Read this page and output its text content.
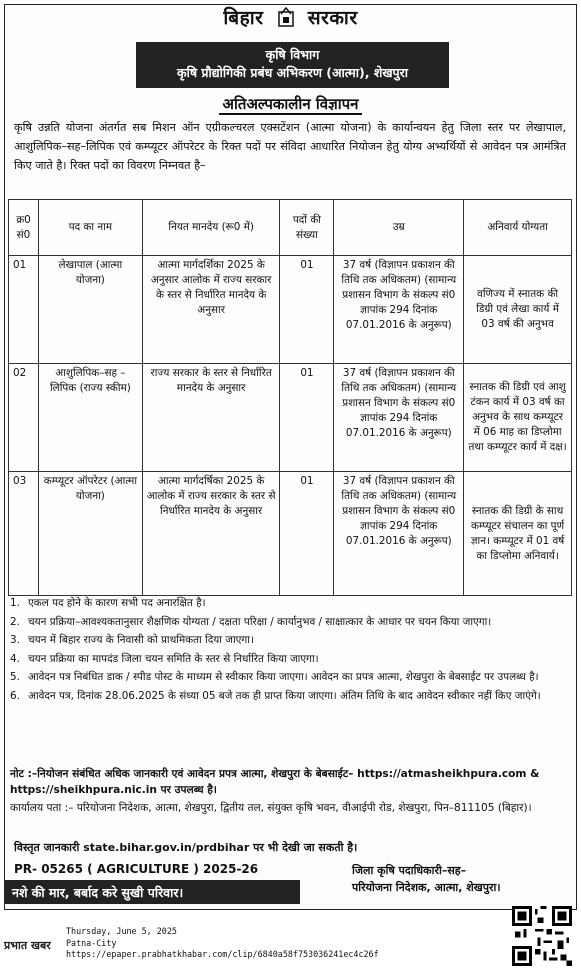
बिहार सरकार
कृषि विभाग
कृषि प्रौद्योगिकी प्रबंध अभिकरण (आत्मा), शेखपुरा
अतिअल्पकालीन विज्ञापन
कृषि उन्नति योजना अंतर्गत सब मिशन ऑन एग्रीकल्चरल एक्सटेंशन (आत्मा योजना) के कार्यान्वयन हेतु जिला स्तर पर लेखापाल, आशुलिपिक–सह–लिपिक एवं कम्प्यूटर ऑपरेटर के रिक्त पदों पर संविदा आधारित नियोजन हेतु योग्य अभ्यर्थियों से आवेदन पत्र आमंत्रित किए जाते है। रिक्त पदों का विवरण निम्नवत है–
क्र0 सं0	पद का नाम	नियत मानदेय (रू0 में)	पदों की संख्या	उम्र	अनिवार्य योग्यता
01	लेखापाल (आत्मा योजना)	आत्मा मार्गदर्शिका 2025 के अनुसार आलोक में राज्य सरकार के स्तर से निर्धारित मानदेय के अनुसार	01	37 वर्ष (विज्ञापन प्रकाशन की तिथि तक अधिकतम) (सामान्य प्रशासन विभाग के संकल्प सं0 ज्ञापांक 294 दिनांक 07.01.2016 के अनुरूप)	वणिज्य में स्नातक की डिग्री एवं लेखा कार्य में 03 वर्ष की अनुभव
02	आशुलिपिक–सह –लिपिक (राज्य स्कीम)	राज्य सरकार के स्तर से निर्धारित मानदेय के अनुसार	01	37 वर्ष (विज्ञापन प्रकाशन की तिथि तक अधिकतम) (सामान्य प्रशासन विभाग के संकल्प सं0 ज्ञापांक 294 दिनांक 07.01.2016 के अनुरूप)	स्नातक की डिग्री एवं आशु टंकन कार्य में 03 वर्ष का अनुभव के साथ कम्प्यूटर में 06 माह का डिप्लोमा तथा कम्प्यूटर कार्य में दक्ष।
03	कम्प्यूटर ऑपरेटर (आत्मा योजना)	आत्मा मार्गदर्षिका 2025 के आलोक में राज्य सरकार के स्तर से निर्धारित मानदेय के अनुसार	01	37 वर्ष (विज्ञापन प्रकाशन की तिथि तक अधिकतम) (सामान्य प्रशासन विभाग के संकल्प सं0 ज्ञापांक 294 दिनांक 07.01.2016 के अनुरूप)	स्नातक की डिग्री के साथ कम्प्यूटर संचालन का पूर्ण ज्ञान। कम्प्यूटर में 01 वर्ष का डिप्लोमा अनिवार्य।
1. एकल पद होने के कारण सभी पद अनारक्षित है।
2. चयन प्रक्रिया–आवश्यकतानुसार शैक्षणिक योग्यता / दक्षता परिक्षा / कार्यानुभव / साक्षात्कार के आधार पर चयन किया जाएगा।
3. चयन में बिहार राज्य के निवासी को प्राथमिकता दिया जाएगा।
4. चयन प्रक्रिया का मापदंड जिला चयन समिति के स्तर से निर्धारित किया जाएगा।
5. आवेदन पत्र निबंधित डाक / स्पीड पोस्ट के माध्यम से स्वीकार किया जाएगा। आवेदन का प्रपत्र आत्मा, शेखपुरा के बेबसाईट पर उपलब्ध है।
6. आवेदन पत्र, दिनांक 28.06.2025 के संध्या 05 बजे तक ही प्राप्त किया जाएगा। अंतिम तिथि के बाद आवेदन स्वीकार नहीं किए जाएंगे।
नोट :–नियोजन संबंधित अधिक जानकारी एवं आवेदन प्रपत्र आत्मा, शेखपुरा के बेबसाईट– https://atmasheikhpura.com & https://sheikhpura.nic.in पर उपलब्ध है।
कार्यालय पता :– परियोजना निदेशक, आत्मा, शेखपुरा, द्वितीय तल, संयुक्त कृषि भवन, वीआईपी रोड, शेखपुरा, पिन–811105 (बिहार)।
विस्तृत जानकारी state.bihar.gov.in/prdbihar पर भी देखी जा सकती है।
PR- 05265 ( AGRICULTURE ) 2025-26
नशे की मार, बर्बाद करे सुखी परिवार।
जिला कृषि पदाधिकारी–सह–
परियोजना निदेशक, आत्मा, शेखपुरा।
प्रभात खबर
Thursday, June 5, 2025
Patna-City
https://epaper.prabhatkhabar.com/clip/6840a58f753036241ec4c26f
